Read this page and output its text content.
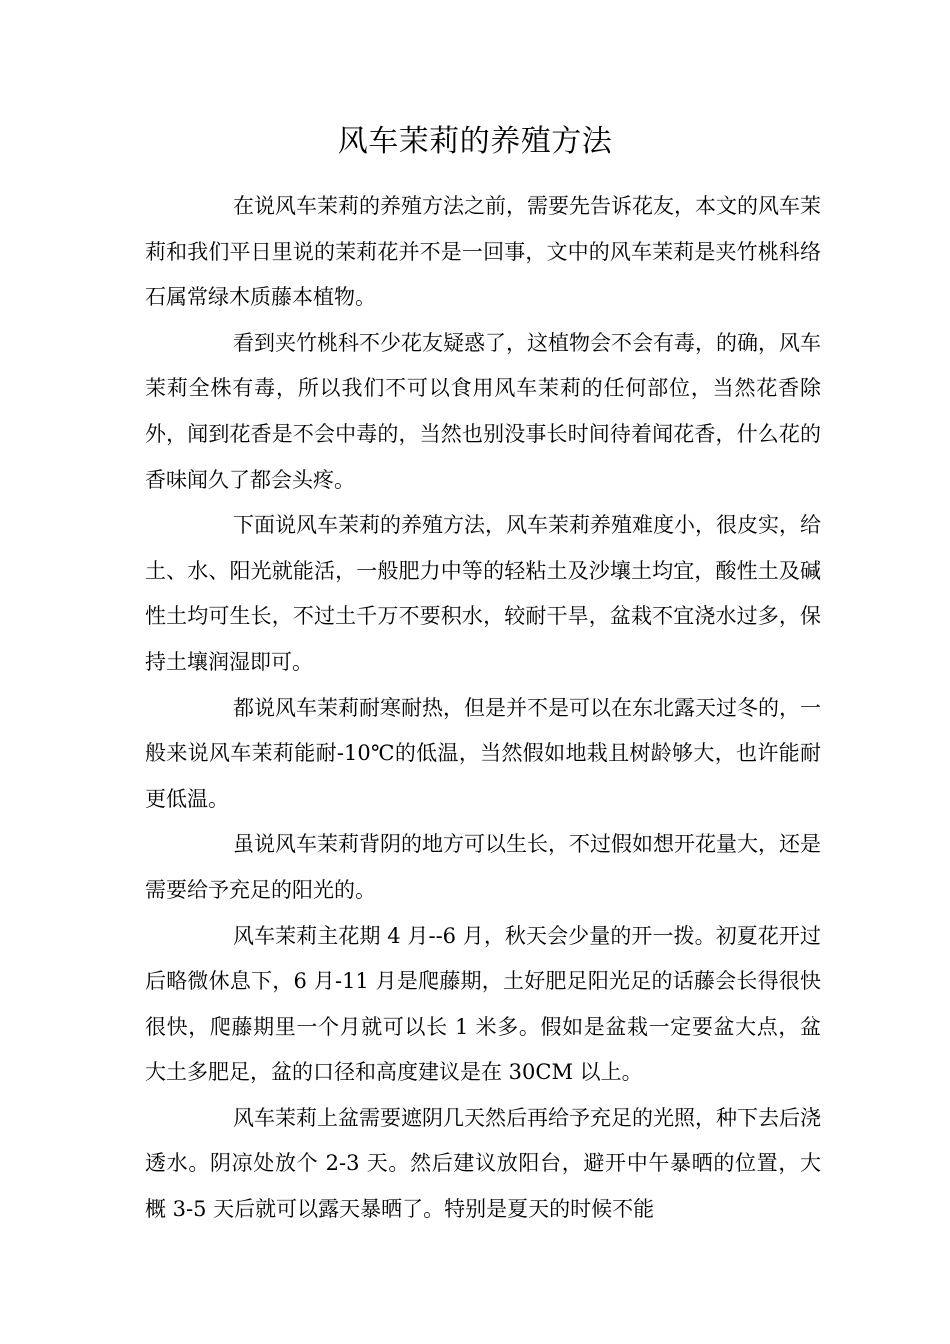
风车茉莉的养殖方法

在说风车茉莉的养殖方法之前，需要先告诉花友，本文的风车茉莉和我们平日里说的茉莉花并不是一回事，文中的风车茉莉是夹竹桃科络石属常绿木质藤本植物。

看到夹竹桃科不少花友疑惑了，这植物会不会有毒，的确，风车茉莉全株有毒，所以我们不可以食用风车茉莉的任何部位，当然花香除外，闻到花香是不会中毒的，当然也别没事长时间待着闻花香，什么花的香味闻久了都会头疼。

下面说风车茉莉的养殖方法，风车茉莉养殖难度小，很皮实，给土、水、阳光就能活，一般肥力中等的轻粘土及沙壤土均宜，酸性土及碱性土均可生长，不过土千万不要积水，较耐干旱，盆栽不宜浇水过多，保持土壤润湿即可。

都说风车茉莉耐寒耐热，但是并不是可以在东北露天过冬的，一般来说风车茉莉能耐-10℃的低温，当然假如地栽且树龄够大，也许能耐更低温。

虽说风车茉莉背阴的地方可以生长，不过假如想开花量大，还是需要给予充足的阳光的。

风车茉莉主花期 4 月--6 月，秋天会少量的开一拨。初夏花开过后略微休息下，6 月-11 月是爬藤期，土好肥足阳光足的话藤会长得很快很快，爬藤期里一个月就可以长 1 米多。假如是盆栽一定要盆大点，盆大土多肥足，盆的口径和高度建议是在 30CM 以上。

风车茉莉上盆需要遮阴几天然后再给予充足的光照，种下去后浇透水。阴凉处放个 2-3 天。然后建议放阳台，避开中午暴晒的位置，大概 3-5 天后就可以露天暴晒了。特别是夏天的时候不能
